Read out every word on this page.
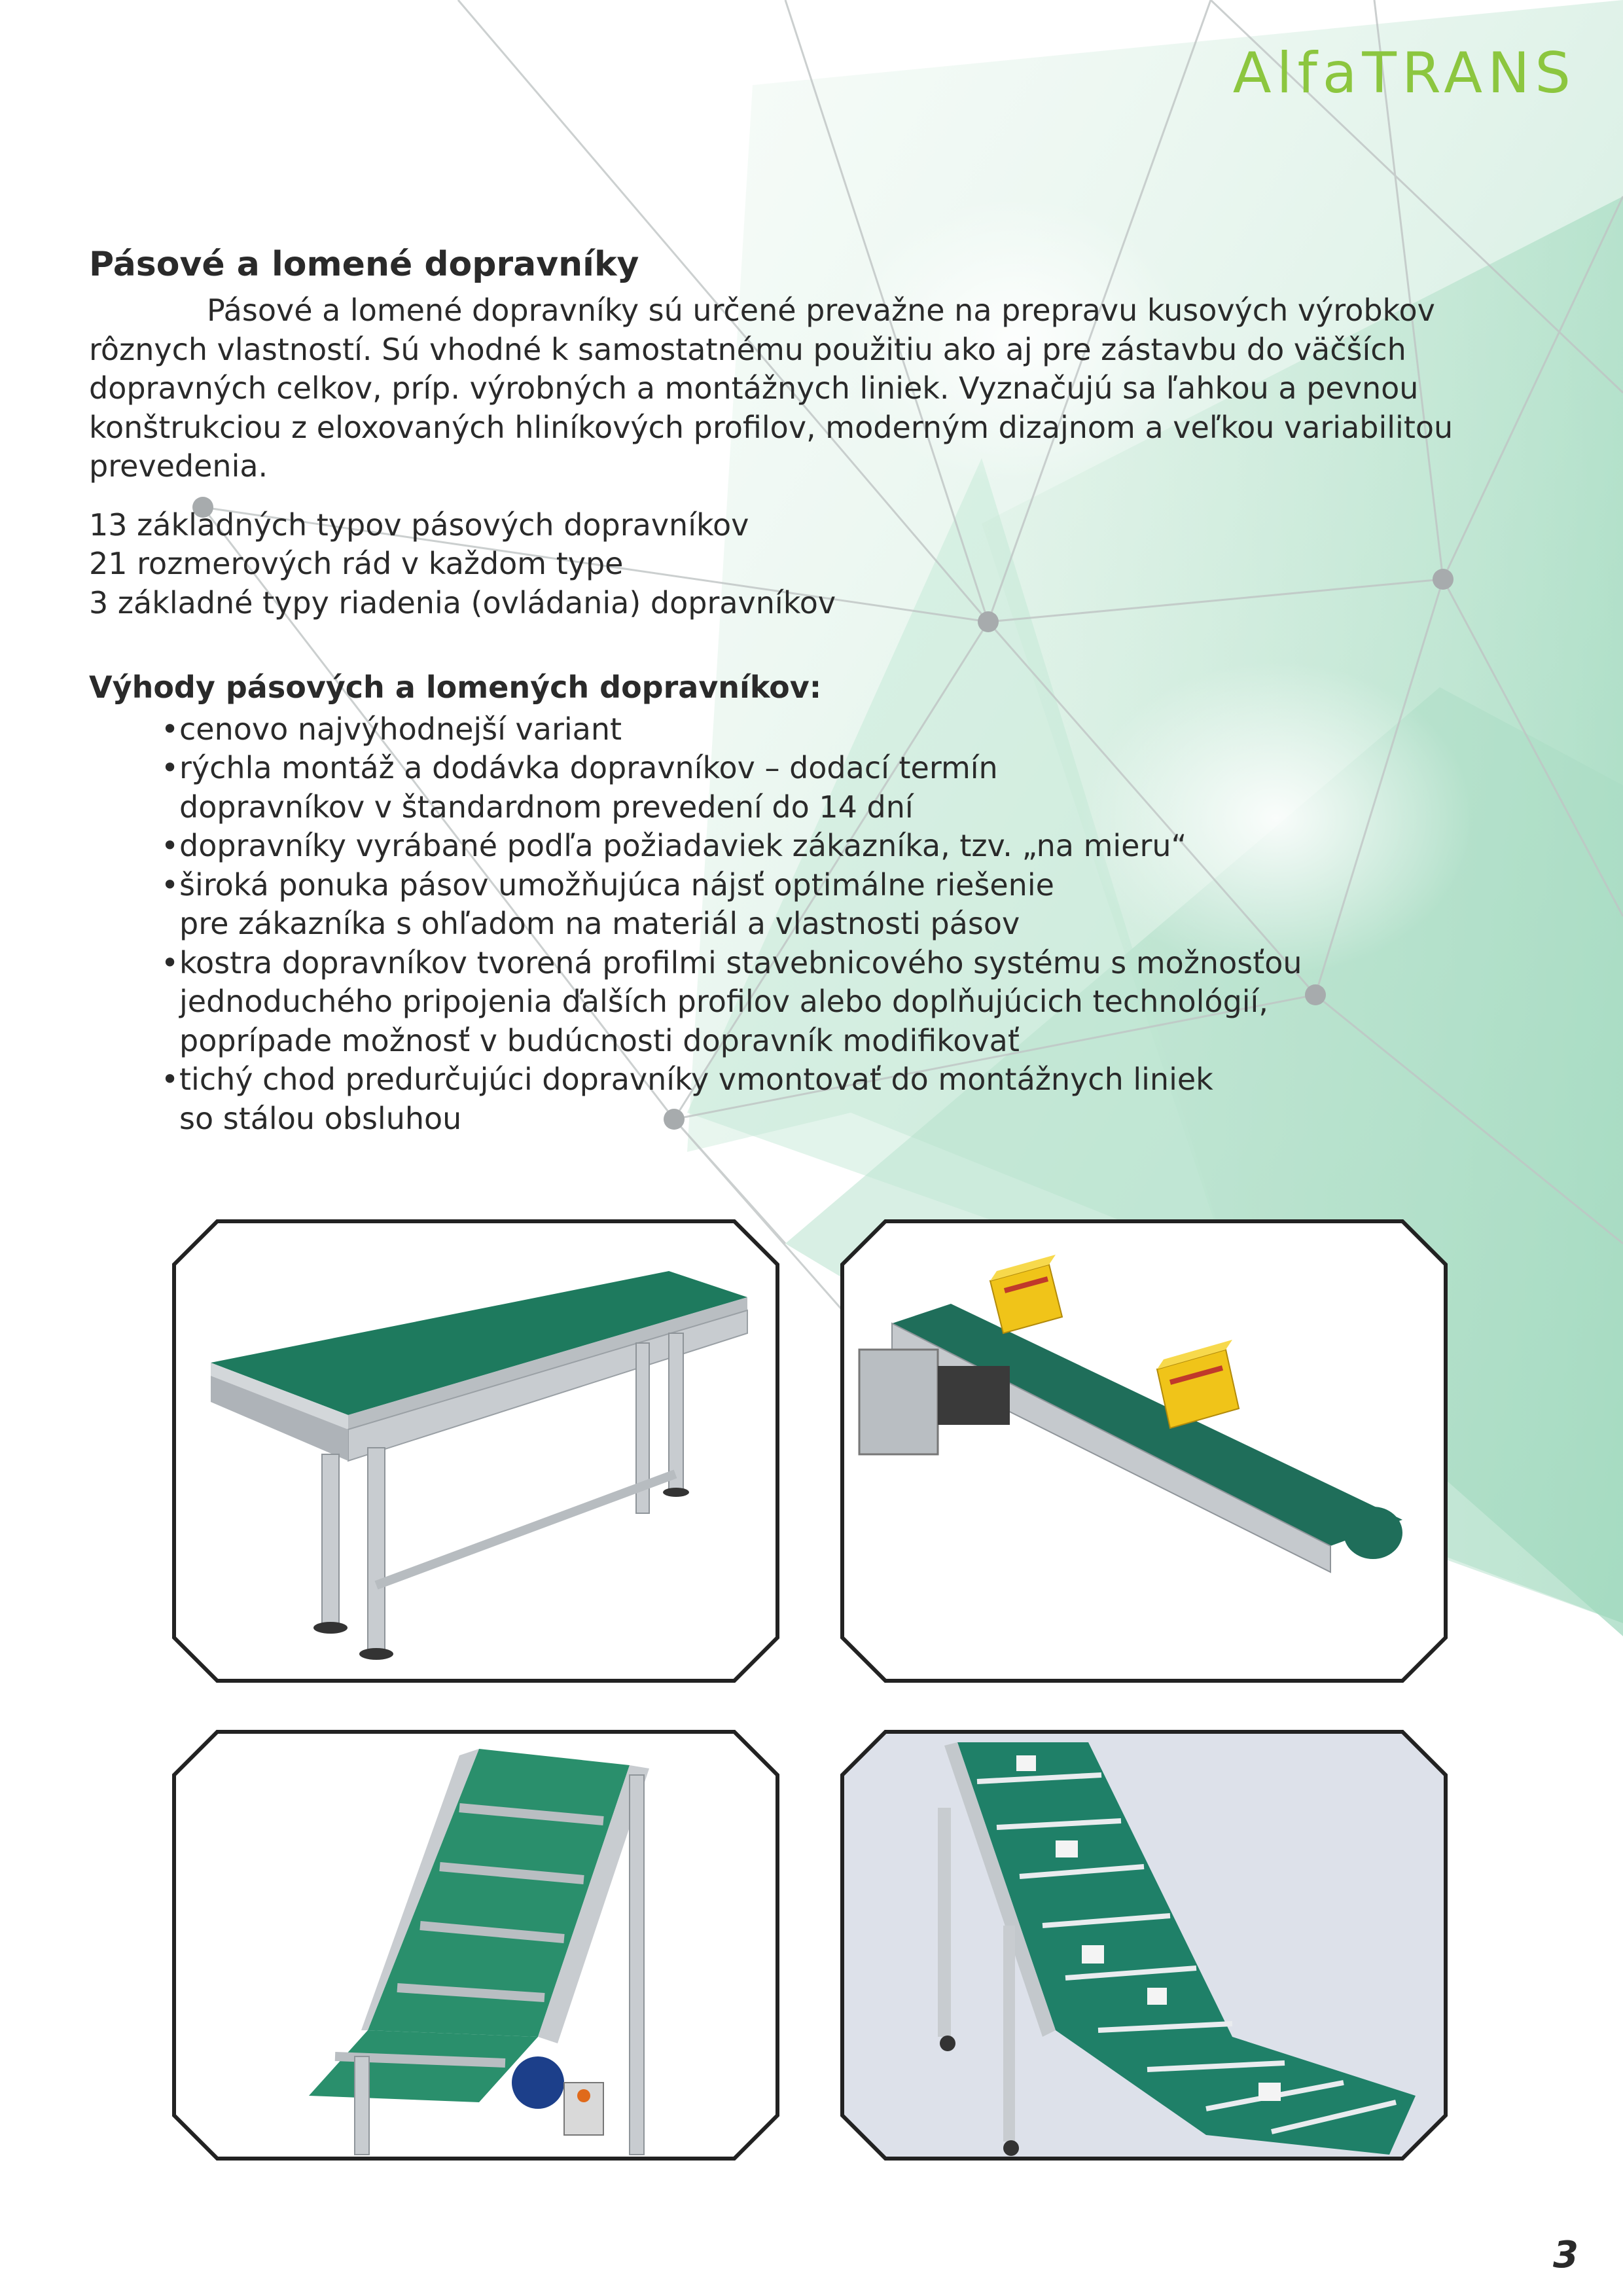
AlfaTRANS
Pásové a lomené dopravníky

Pásové a lomené dopravníky sú určené prevažne na prepravu kusových výrobkov rôznych vlastností. Sú vhodné k samostatnému použitiu ako aj pre zástavbu do väčších dopravných celkov, príp. výrobných a montážnych liniek. Vyznačujú sa ľahkou a pevnou konštrukciou z eloxovaných hliníkových profilov, moderným dizajnom a veľkou variabilitou prevedenia.

13 základných typov pásových dopravníkov
21 rozmerových rád v každom type
3 základné typy riadenia (ovládania) dopravníkov
Výhody pásových a lomených dopravníkov:
•cenovo najvýhodnejší variant
•rýchla montáž a dodávka dopravníkov – dodací termín
dopravníkov v štandardnom prevedení do 14 dní
•dopravníky vyrábané podľa požiadaviek zákazníka, tzv. „na mieru“
•široká ponuka pásov umožňujúca nájsť optimálne riešenie
pre zákazníka s ohľadom na materiál a vlastnosti pásov
•kostra dopravníkov tvorená profilmi stavebnicového systému s možnosťou
jednoduchého pripojenia ďalších profilov alebo doplňujúcich technológií,
poprípade možnosť v budúcnosti dopravník modifikovať
•tichý chod predurčujúci dopravníky vmontovať do montážnych liniek
so stálou obsluhou
3
